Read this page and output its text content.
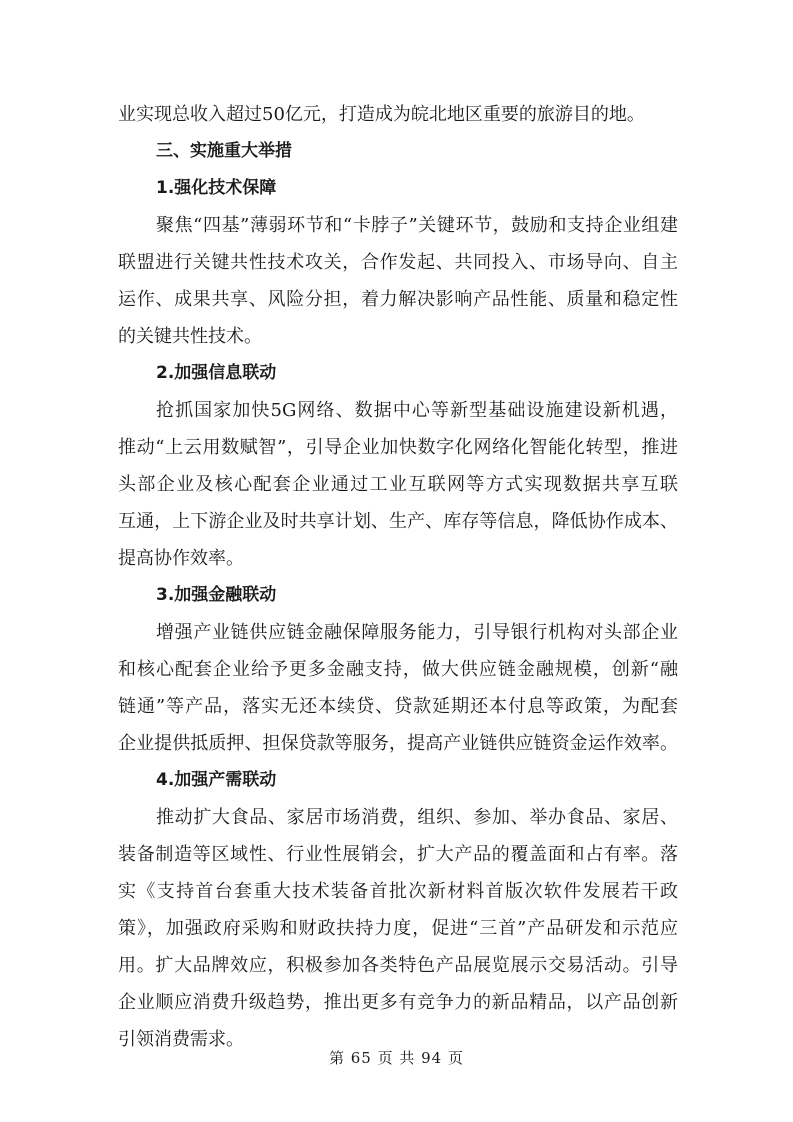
业实现总收入超过50亿元，打造成为皖北地区重要的旅游目的地。
三、实施重大举措
1.强化技术保障
聚焦“四基”薄弱环节和“卡脖子”关键环节，鼓励和支持企业组建
联盟进行关键共性技术攻关，合作发起、共同投入、市场导向、自主
运作、成果共享、风险分担，着力解决影响产品性能、质量和稳定性
的关键共性技术。
2.加强信息联动
抢抓国家加快5G网络、数据中心等新型基础设施建设新机遇，
推动“上云用数赋智”，引导企业加快数字化网络化智能化转型，推进
头部企业及核心配套企业通过工业互联网等方式实现数据共享互联
互通，上下游企业及时共享计划、生产、库存等信息，降低协作成本、
提高协作效率。
3.加强金融联动
增强产业链供应链金融保障服务能力，引导银行机构对头部企业
和核心配套企业给予更多金融支持，做大供应链金融规模，创新“融
链通”等产品，落实无还本续贷、贷款延期还本付息等政策，为配套
企业提供抵质押、担保贷款等服务，提高产业链供应链资金运作效率。
4.加强产需联动
推动扩大食品、家居市场消费，组织、参加、举办食品、家居、
装备制造等区域性、行业性展销会，扩大产品的覆盖面和占有率。落
实《支持首台套重大技术装备首批次新材料首版次软件发展若干政
策》，加强政府采购和财政扶持力度，促进“三首”产品研发和示范应
用。扩大品牌效应，积极参加各类特色产品展览展示交易活动。引导
企业顺应消费升级趋势，推出更多有竞争力的新品精品，以产品创新
引领消费需求。
第 65 页 共 94 页
